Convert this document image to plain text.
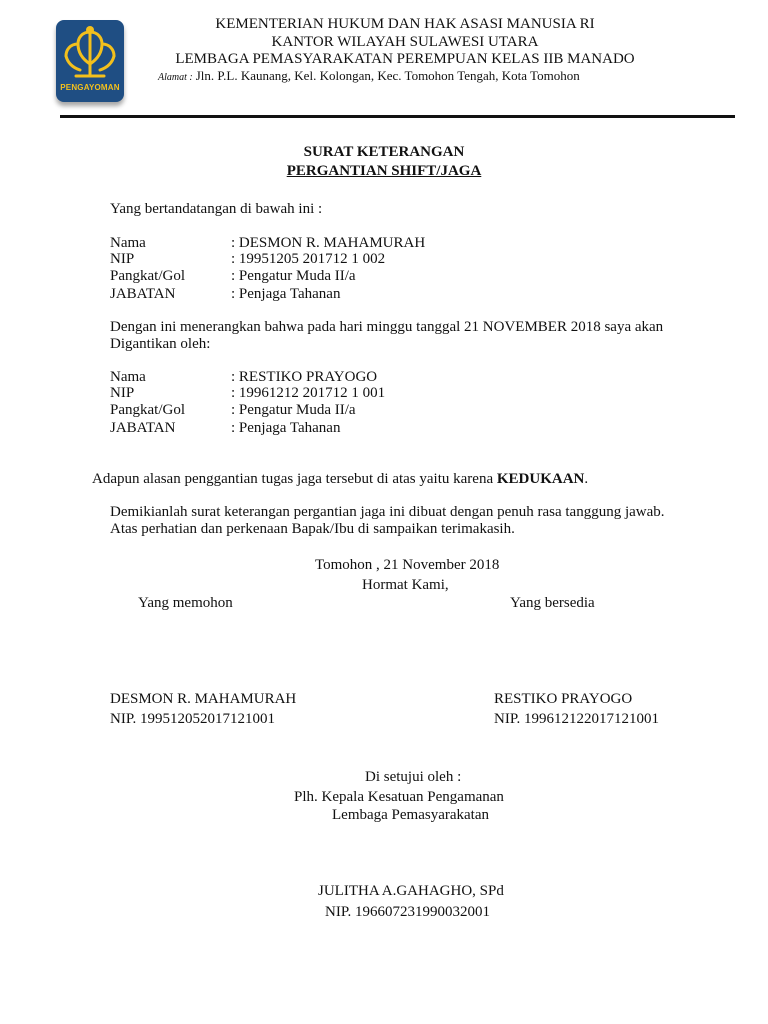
PENGAYOMAN
KEMENTERIAN HUKUM DAN HAK ASASI MANUSIA RI
KANTOR WILAYAH SULAWESI UTARA
LEMBAGA PEMASYARAKATAN PEREMPUAN KELAS IIB MANADO
Alamat : Jln. P.L. Kaunang, Kel. Kolongan, Kec. Tomohon Tengah, Kota Tomohon
SURAT KETERANGAN
PERGANTIAN SHIFT/JAGA
Yang bertandatangan di bawah ini :
Nama	: DESMON R. MAHAMURAH
NIP	: 19951205 201712 1 002
Pangkat/Gol	: Pengatur Muda II/a
JABATAN	: Penjaga Tahanan
Dengan ini menerangkan bahwa pada hari minggu tanggal 21 NOVEMBER 2018 saya akan
Digantikan oleh:
Nama	: RESTIKO PRAYOGO
NIP	: 19961212 201712 1 001
Pangkat/Gol	: Pengatur Muda II/a
JABATAN	: Penjaga Tahanan
Adapun alasan penggantian tugas jaga tersebut di atas yaitu karena KEDUKAAN.
Demikianlah surat keterangan pergantian jaga ini dibuat dengan penuh rasa tanggung jawab.
Atas perhatian dan perkenaan Bapak/Ibu di sampaikan terimakasih.
Tomohon , 21 November 2018
Hormat Kami,
Yang memohon	Yang bersedia
DESMON R. MAHAMURAH
NIP. 199512052017121001
RESTIKO PRAYOGO
NIP. 199612122017121001
Di setujui oleh :
Plh. Kepala Kesatuan Pengamanan
Lembaga Pemasyarakatan
JULITHA A.GAHAGHO, SPd
NIP. 196607231990032001
